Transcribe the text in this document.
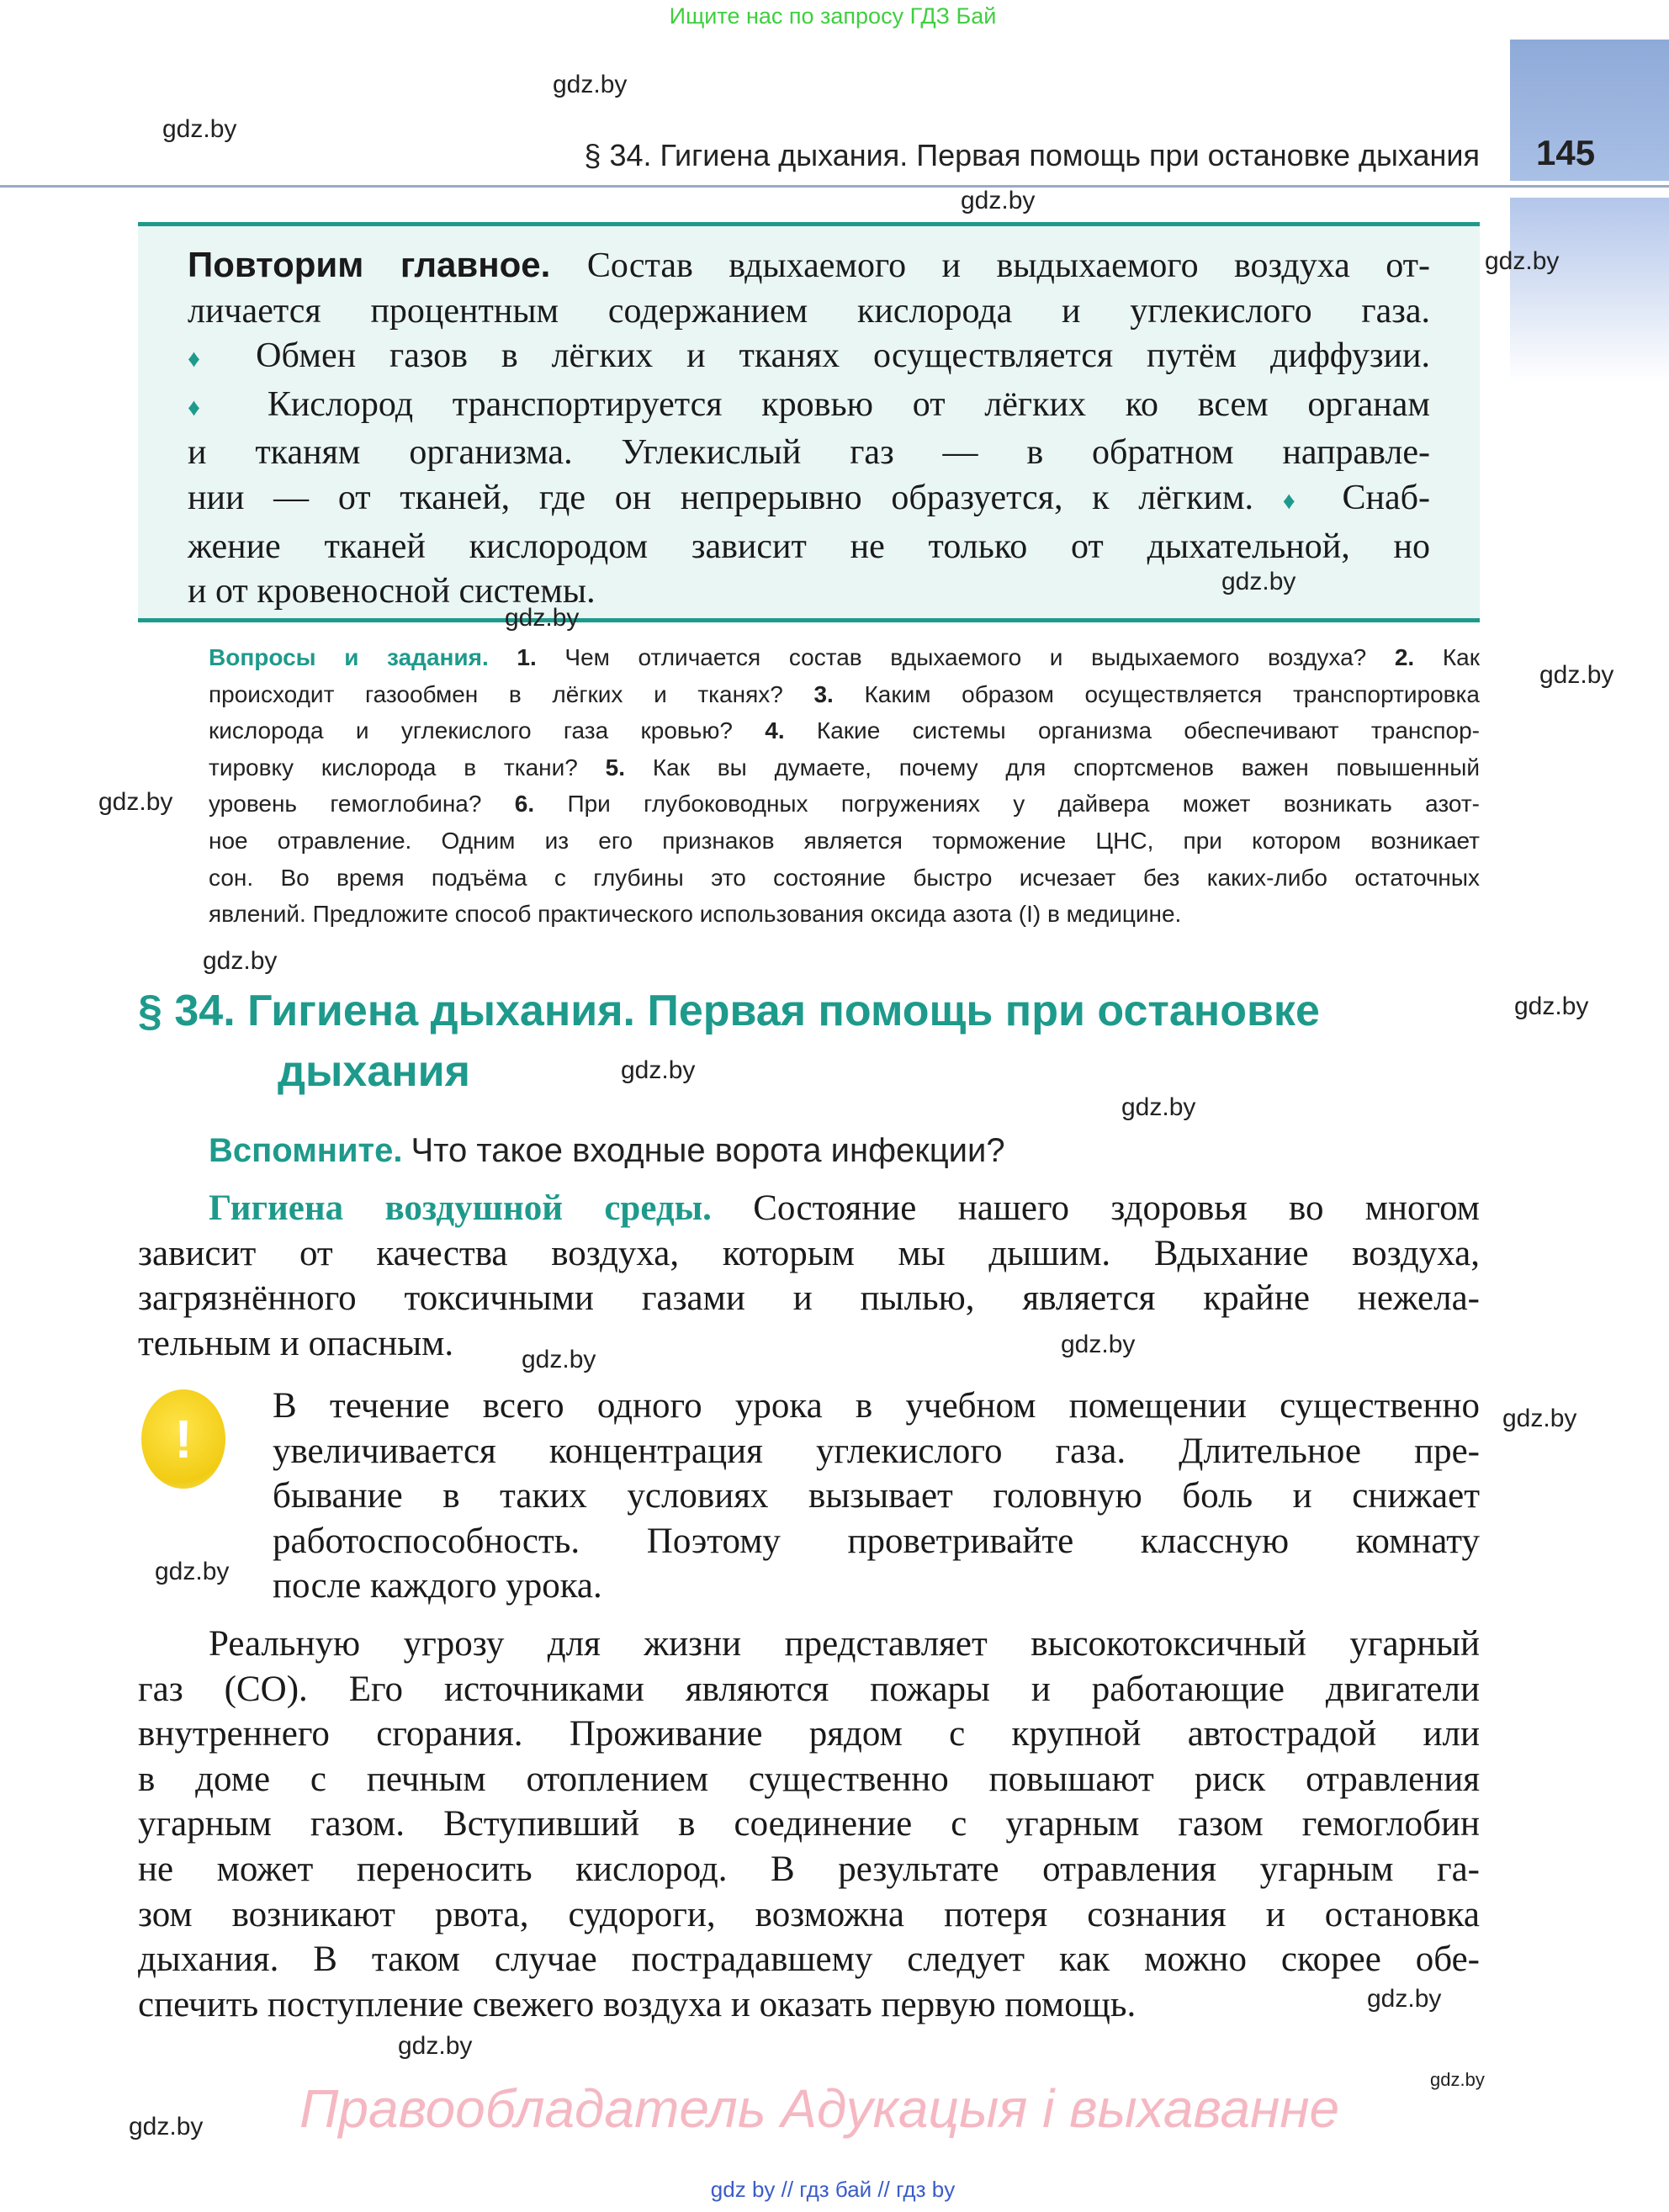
Ищите нас по запросу ГДЗ Бай
§ 34. Гигиена дыхания. Первая помощь при остановке дыхания 145
Повторим главное. Состав вдыхаемого и выдыхаемого воздуха от-
личается процентным содержанием кислорода и углекислого газа.
♦ Обмен газов в лёгких и тканях осуществляется путём диффузии.
♦ Кислород транспортируется кровью от лёгких ко всем органам
и тканям организма. Углекислый газ — в обратном направле-
нии — от тканей, где он непрерывно образуется, к лёгким. ♦ Снаб-
жение тканей кислородом зависит не только от дыхательной, но
и от кровеносной системы.
Вопросы и задания. 1. Чем отличается состав вдыхаемого и выдыхаемого воздуха? 2. Как
происходит газообмен в лёгких и тканях? 3. Каким образом осуществляется транспортировка
кислорода и углекислого газа кровью? 4. Какие системы организма обеспечивают транспор-
тировку кислорода в ткани? 5. Как вы думаете, почему для спортсменов важен повышенный
уровень гемоглобина? 6. При глубоководных погружениях у дайвера может возникать азот-
ное отравление. Одним из его признаков является торможение ЦНС, при котором возникает
сон. Во время подъёма с глубины это состояние быстро исчезает без каких-либо остаточных
явлений. Предложите способ практического использования оксида азота (I) в медицине.
§ 34. Гигиена дыхания. Первая помощь при остановке
дыхания
Вспомните. Что такое входные ворота инфекции?
Гигиена воздушной среды. Состояние нашего здоровья во многом
зависит от качества воздуха, которым мы дышим. Вдыхание воздуха,
загрязнённого токсичными газами и пылью, является крайне нежела-
тельным и опасным.
!
В течение всего одного урока в учебном помещении существенно
увеличивается концентрация углекислого газа. Длительное пре-
бывание в таких условиях вызывает головную боль и снижает
работоспособность. Поэтому проветривайте классную комнату
после каждого урока.
Реальную угрозу для жизни представляет высокотоксичный угарный
газ (СО). Его источниками являются пожары и работающие двигатели
внутреннего сгорания. Проживание рядом с крупной автострадой или
в доме с печным отоплением существенно повышают риск отравления
угарным газом. Вступивший в соединение с угарным газом гемоглобин
не может переносить кислород. В результате отравления угарным га-
зом возникают рвота, судороги, возможна потеря сознания и остановка
дыхания. В таком случае пострадавшему следует как можно скорее обе-
спечить поступление свежего воздуха и оказать первую помощь.
gdz.by
gdz.by
gdz.by
gdz.by
gdz.by
gdz.by
gdz.by
gdz.by
gdz.by
gdz.by
gdz.by
gdz.by
gdz.by
gdz.by
gdz.by
gdz.by
gdz.by
gdz.by
gdz.by
gdz.by
Правообладатель Адукацыя і выхаванне
gdz by // гдз бай // гдз by
